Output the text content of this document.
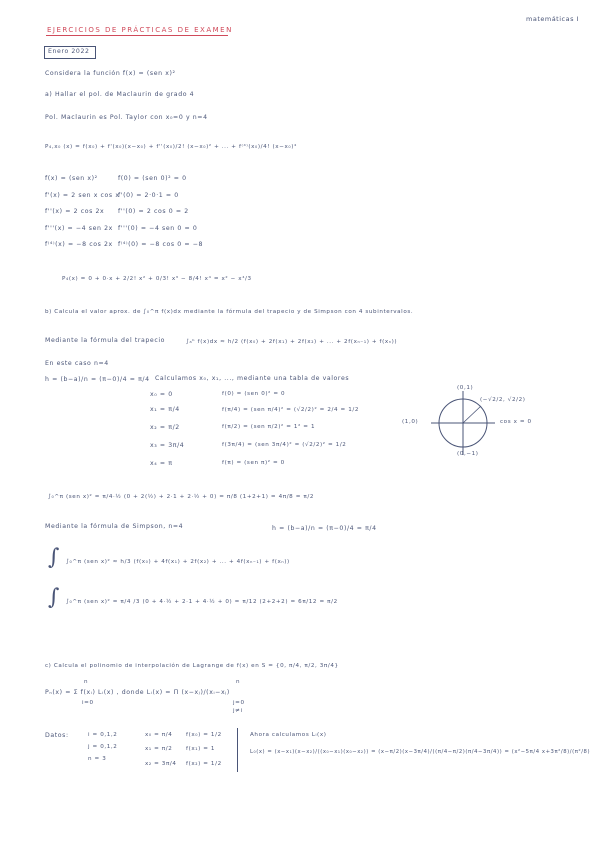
EJERCICIOS DE PRÁCTICAS DE EXAMEN
matemáticas I
Enero 2022
Considera la función f(x) = (sen x)²
a) Hallar el pol. de Maclaurin de grado 4
Pol. Maclaurin es Pol. Taylor con x₀=0 y n=4
P₄,x₀ (x) = f(x₀) + f'(x₀)(x−x₀) + f''(x₀)/2! (x−x₀)² + ... + f⁽⁴⁾(x₀)/4! (x−x₀)⁴
f(x) = (sen x)²	f(0) = (sen 0)² = 0
f'(x) = 2 sen x cos x
f'(0) = 2·0·1 = 0
f''(x) = 2 cos 2x f''(0) = 2 cos 0 = 2
f'''(x) = −4 sen 2x f'''(0) = −4 sen 0 = 0
f⁽⁴⁾(x) = −8 cos 2x f⁽⁴⁾(0) = −8 cos 0 = −8
P₄(x) = 0 + 0·x + 2/2! x² + 0/3! x³ − 8/4! x⁴ = x² − x⁴/3
b) Calcula el valor aprox. de ∫₀^π f(x)dx mediante la fórmula del trapecio y de Simpson con 4 subintervalos.
Mediante la fórmula del trapecio	∫ₐᵇ f(x)dx ≈ h/2 (f(x₀) + 2f(x₁) + 2f(x₂) + ... + 2f(xₙ₋₁) + f(xₙ))
En este caso n=4
h = (b−a)/n = (π−0)/4 = π/4 Calculamos x₀, x₁, ..., mediante una tabla de valores
x₀ = 0	f(0) = (sen 0)² = 0
x₁ = π/4	f(π/4) = (sen π/4)² = (√2/2)² = 2/4 = 1/2
x₂ = π/2	f(π/2) = (sen π/2)² = 1² = 1
x₃ = 3π/4	f(3π/4) = (sen 3π/4)² = (√2/2)² = 1/2
x₄ = π	f(π) = (sen π)² = 0
(0,1)
(−√2/2, √2/2)
(1,0)	cos x = 0
(0,−1)
∫₀^π (sen x)² = π/4·½ (0 + 2(½) + 2·1 + 2·½ + 0) = π/8 (1+2+1) = 4π/8 = π/2
Mediante la fórmula de Simpson, n=4	h = (b−a)/n = (π−0)/4 = π/4
∫ ∫₀^π (sen x)² ≈ h/3 (f(x₀) + 4f(x₁) + 2f(x₂) + ... + 4f(xₙ₋₁) + f(xₙ))
∫ ∫₀^π (sen x)² = π/4 /3 (0 + 4·½ + 2·1 + 4·½ + 0) = π/12 (2+2+2) = 6π/12 = π/2
c) Calcula el polinomio de interpolación de Lagrange de f(x) en S = {0, π/4, π/2, 3π/4}
Pₙ(x) = Σ f(xᵢ) Lᵢ(x) , donde Lᵢ(x) = Π (x−xⱼ)/(xᵢ−xⱼ)
n
i=0
n
j=0
j≠i
Datos:	i = 0,1,2
j = 0,1,2
n = 3
x₀ = π/4 f(x₀) = 1/2
x₁ = π/2 f(x₁) = 1
x₂ = 3π/4 f(x₂) = 1/2
Ahora calculamos Lᵢ(x)
L₀(x) = (x−x₁)(x−x₂)/((x₀−x₁)(x₀−x₂)) = (x−π/2)(x−3π/4)/((π/4−π/2)(π/4−3π/4)) = (x²−5π/4 x+3π²/8)/(π²/8)
